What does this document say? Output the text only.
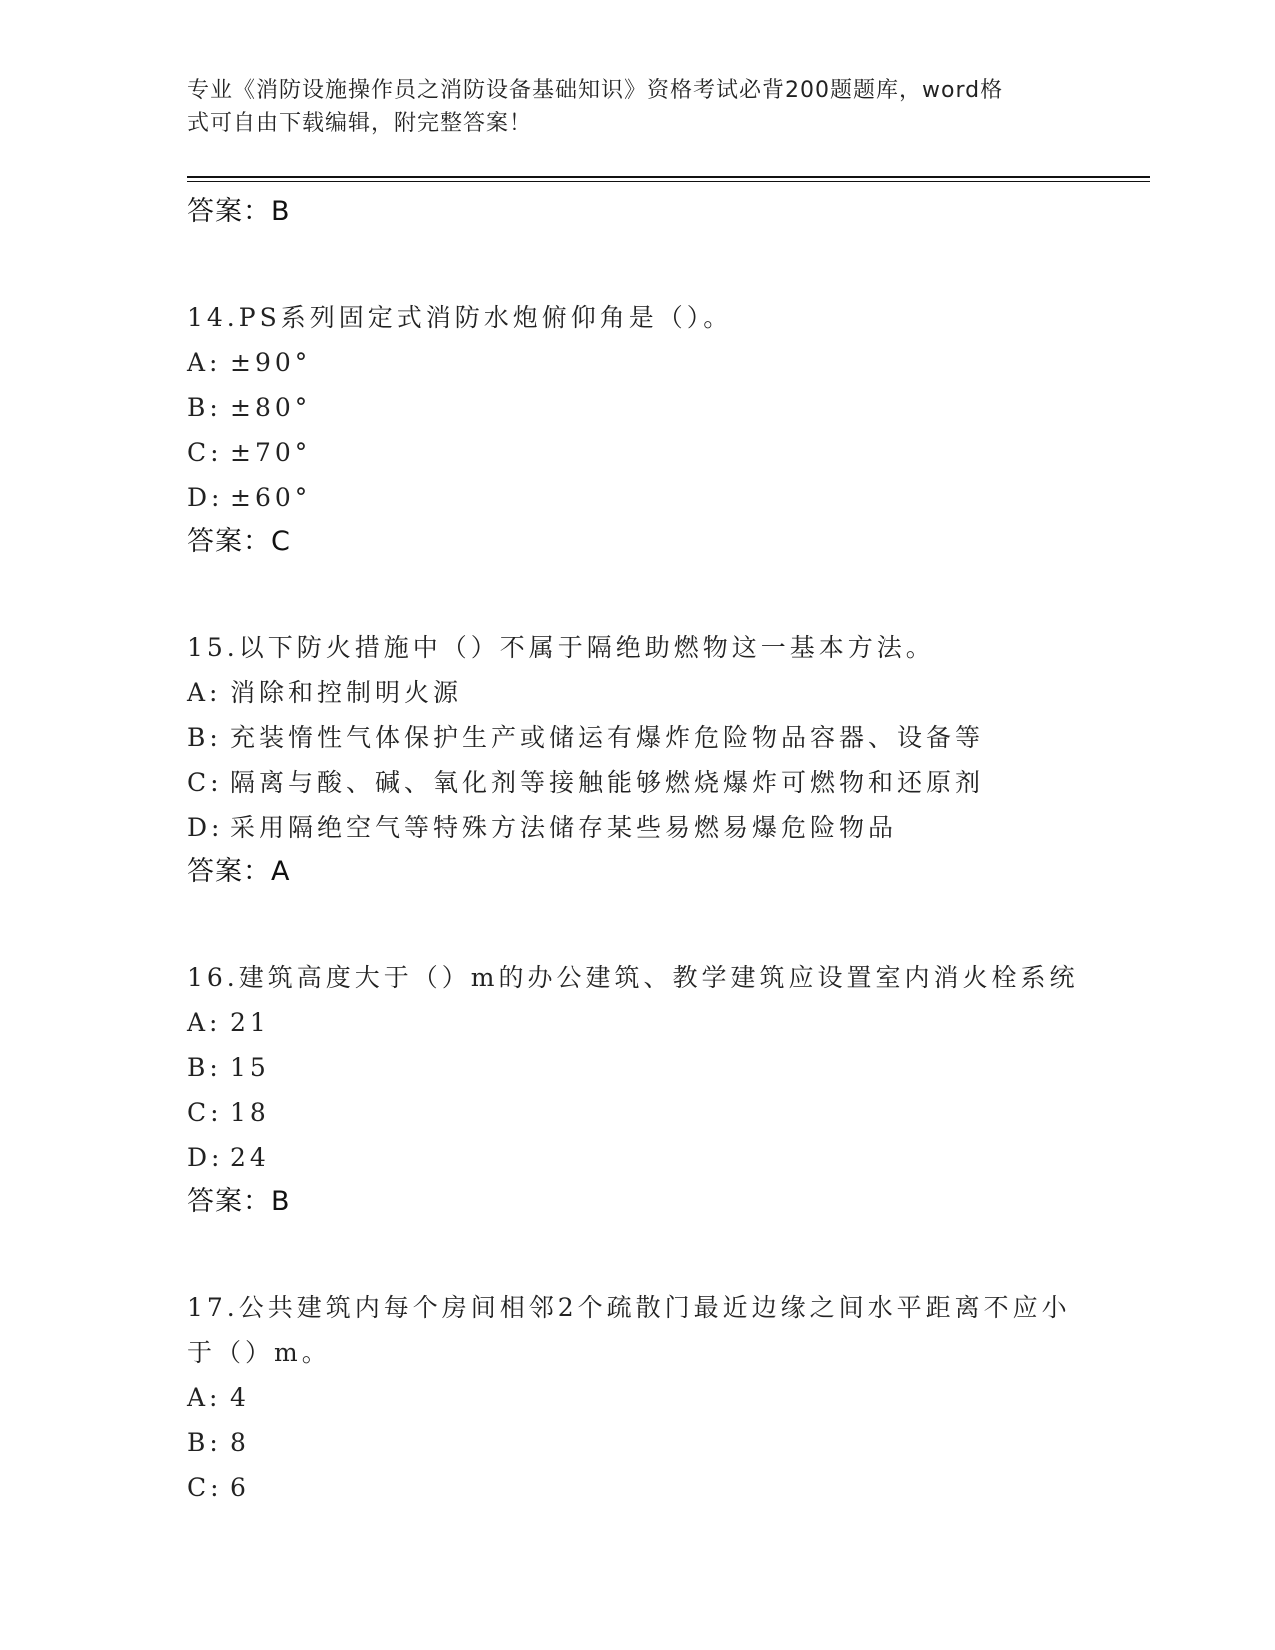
专业《消防设施操作员之消防设备基础知识》资格考试必背200题题库，word格
式可自由下载编辑，附完整答案！
答案：B
14.PS系列固定式消防水炮俯仰角是（）。
A: ±90°
B: ±80°
C: ±70°
D: ±60°
答案：C
15.以下防火措施中（）不属于隔绝助燃物这一基本方法。
A: 消除和控制明火源
B: 充装惰性气体保护生产或储运有爆炸危险物品容器、设备等
C: 隔离与酸、碱、氧化剂等接触能够燃烧爆炸可燃物和还原剂
D: 采用隔绝空气等特殊方法储存某些易燃易爆危险物品
答案：A
16.建筑高度大于（）m的办公建筑、教学建筑应设置室内消火栓系统
A: 21
B: 15
C: 18
D: 24
答案：B
17.公共建筑内每个房间相邻2个疏散门最近边缘之间水平距离不应小于（）m。
A: 4
B: 8
C: 6
